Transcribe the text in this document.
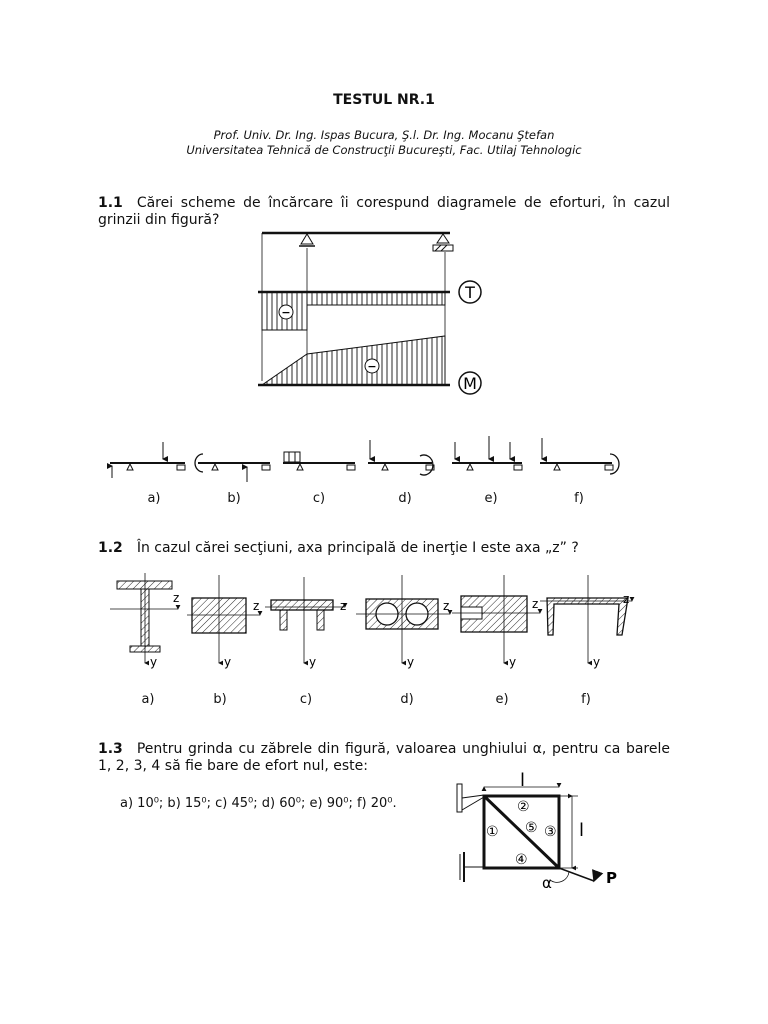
TESTUL NR.1
Prof. Univ. Dr. Ing. Ispas Bucura, Ş.l. Dr. Ing. Mocanu Ştefan
Universitatea Tehnică de Construcţii Bucureşti, Fac. Utilaj Tehnologic
1.1 Cărei scheme de încărcare îi corespund diagramele de eforturi, în cazul grinzii din figură?
−
T
−
M
a)	b)	c)	d)	e)	f)
1.2 În cazul cărei secţiuni, axa principală de inerţie I este axa „z” ?
z
y
z
y
z
y
z
y
z
y
z
y
a)	b)	c)	d)	e)	f)
1.3 Pentru grinda cu zăbrele din figură, valoarea unghiului α, pentru ca barele 1, 2, 3, 4 să fie bare de efort nul, este:
a) 10⁰; b) 15⁰; c) 45⁰; d) 60⁰; e) 90⁰; f) 20⁰.
l
l
②
① ⑤ ③
④
P
α
